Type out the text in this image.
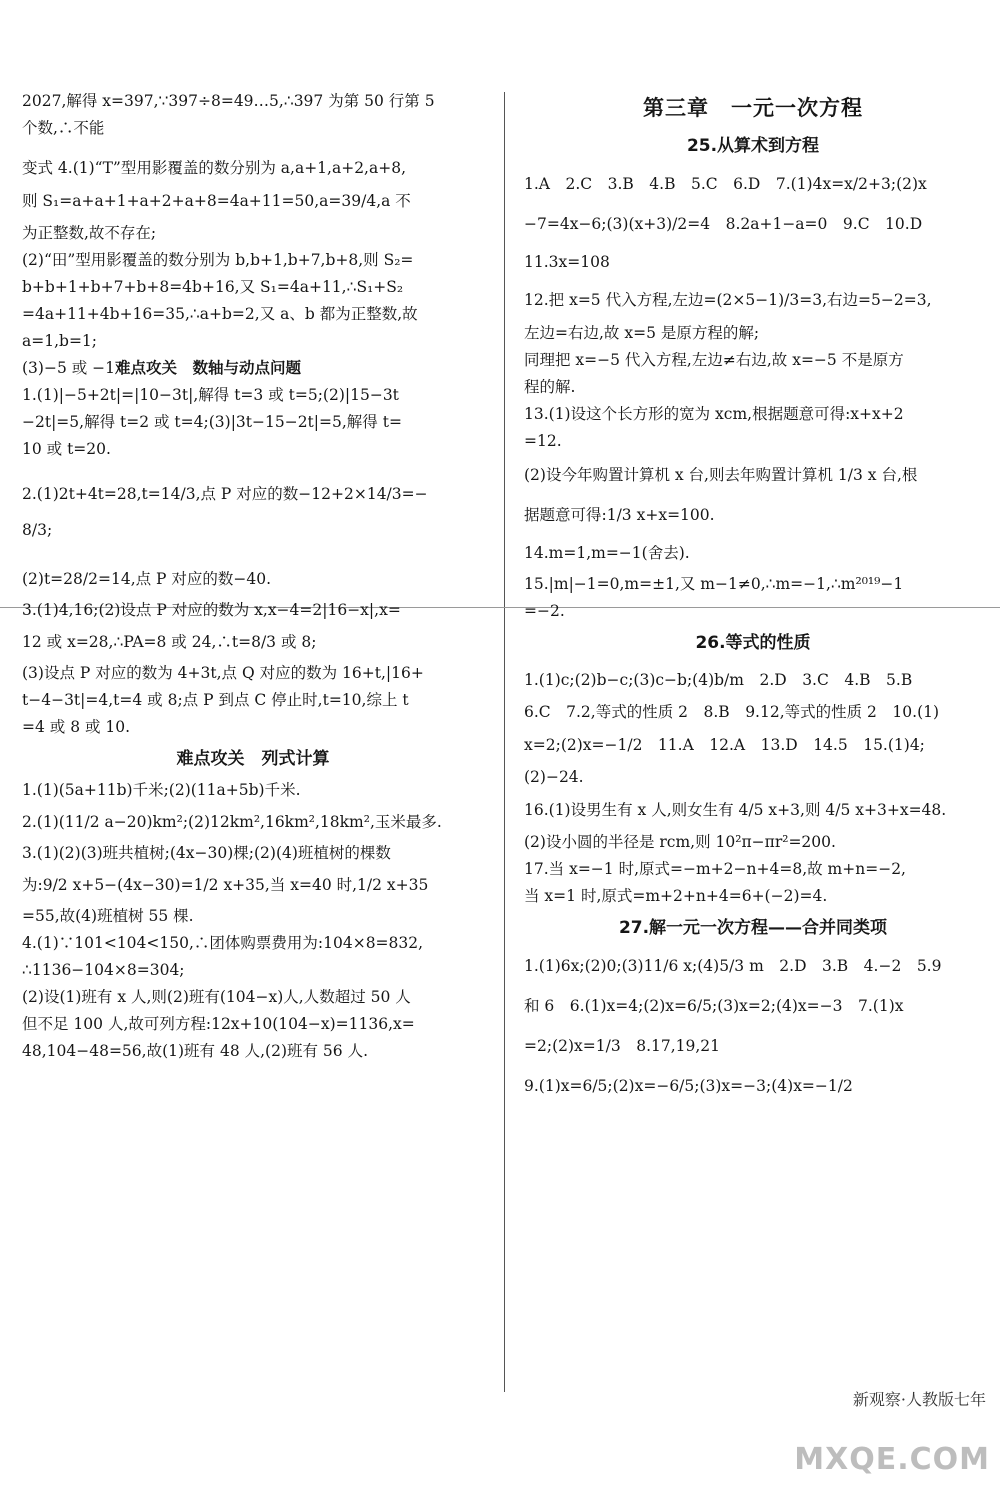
2027,解得 x=397,∵397÷8=49…5,∴397 为第 50 行第 5
个数,∴不能
变式 4.(1)“T”型用影覆盖的数分别为 a,a+1,a+2,a+8,
则 S₁=a+a+1+a+2+a+8=4a+11=50,a=39/4,a 不
为正整数,故不存在;
(2)“田”型用影覆盖的数分别为 b,b+1,b+7,b+8,则 S₂=
b+b+1+b+7+b+8=4b+16,又 S₁=4a+11,∴S₁+S₂
=4a+11+4b+16=35,∴a+b=2,又 a、b 都为正整数,故
a=1,b=1;
(3)−5 或 −1难点攻关　数轴与动点问题
1.(1)|−5+2t|=|10−3t|,解得 t=3 或 t=5;(2)|15−3t
−2t|=5,解得 t=2 或 t=4;(3)|3t−15−2t|=5,解得 t=
10 或 t=20.
2.(1)2t+4t=28,t=14/3,点 P 对应的数−12+2×14/3=−
8/3;
(2)t=28/2=14,点 P 对应的数−40.
3.(1)4,16;(2)设点 P 对应的数为 x,x−4=2|16−x|,x=
12 或 x=28,∴PA=8 或 24,∴t=8/3 或 8;
(3)设点 P 对应的数为 4+3t,点 Q 对应的数为 16+t,|16+
t−4−3t|=4,t=4 或 8;点 P 到点 C 停止时,t=10,综上 t
=4 或 8 或 10.
难点攻关　列式计算
1.(1)(5a+11b)千米;(2)(11a+5b)千米.
2.(1)(11/2 a−20)km²;(2)12km²,16km²,18km²,玉米最多.
3.(1)(2)(3)班共植树;(4x−30)棵;(2)(4)班植树的棵数
为:9/2 x+5−(4x−30)=1/2 x+35,当 x=40 时,1/2 x+35
=55,故(4)班植树 55 棵.
4.(1)∵101<104<150,∴团体购票费用为:104×8=832,
∴1136−104×8=304;
(2)设(1)班有 x 人,则(2)班有(104−x)人,人数超过 50 人
但不足 100 人,故可列方程:12x+10(104−x)=1136,x=
48,104−48=56,故(1)班有 48 人,(2)班有 56 人.
第三章　一元一次方程
25.从算术到方程
1.A　2.C　3.B　4.B　5.C　6.D　7.(1)4x=x/2+3;(2)x
−7=4x−6;(3)(x+3)/2=4　8.2a+1−a=0　9.C　10.D
11.3x=108
12.把 x=5 代入方程,左边=(2×5−1)/3=3,右边=5−2=3,
左边=右边,故 x=5 是原方程的解;
同理把 x=−5 代入方程,左边≠右边,故 x=−5 不是原方
程的解.
13.(1)设这个长方形的宽为 xcm,根据题意可得:x+x+2
=12.
(2)设今年购置计算机 x 台,则去年购置计算机 1/3 x 台,根
据题意可得:1/3 x+x=100.
14.m=1,m=−1(舍去).
15.|m|−1=0,m=±1,又 m−1≠0,∴m=−1,∴m²⁰¹⁹−1
=−2.
26.等式的性质
1.(1)c;(2)b−c;(3)c−b;(4)b/m　2.D　3.C　4.B　5.B
6.C　7.2,等式的性质 2　8.B　9.12,等式的性质 2　10.(1)
x=2;(2)x=−1/2　11.A　12.A　13.D　14.5　15.(1)4;
(2)−24.
16.(1)设男生有 x 人,则女生有 4/5 x+3,则 4/5 x+3+x=48.
(2)设小圆的半径是 rcm,则 10²π−πr²=200.
17.当 x=−1 时,原式=−m+2−n+4=8,故 m+n=−2,
当 x=1 时,原式=m+2+n+4=6+(−2)=4.
27.解一元一次方程——合并同类项
1.(1)6x;(2)0;(3)11/6 x;(4)5/3 m　2.D　3.B　4.−2　5.9
和 6　6.(1)x=4;(2)x=6/5;(3)x=2;(4)x=−3　7.(1)x
=2;(2)x=1/3　8.17,19,21
9.(1)x=6/5;(2)x=−6/5;(3)x=−3;(4)x=−1/2
新观察·人教版七年
MXQE.COM
